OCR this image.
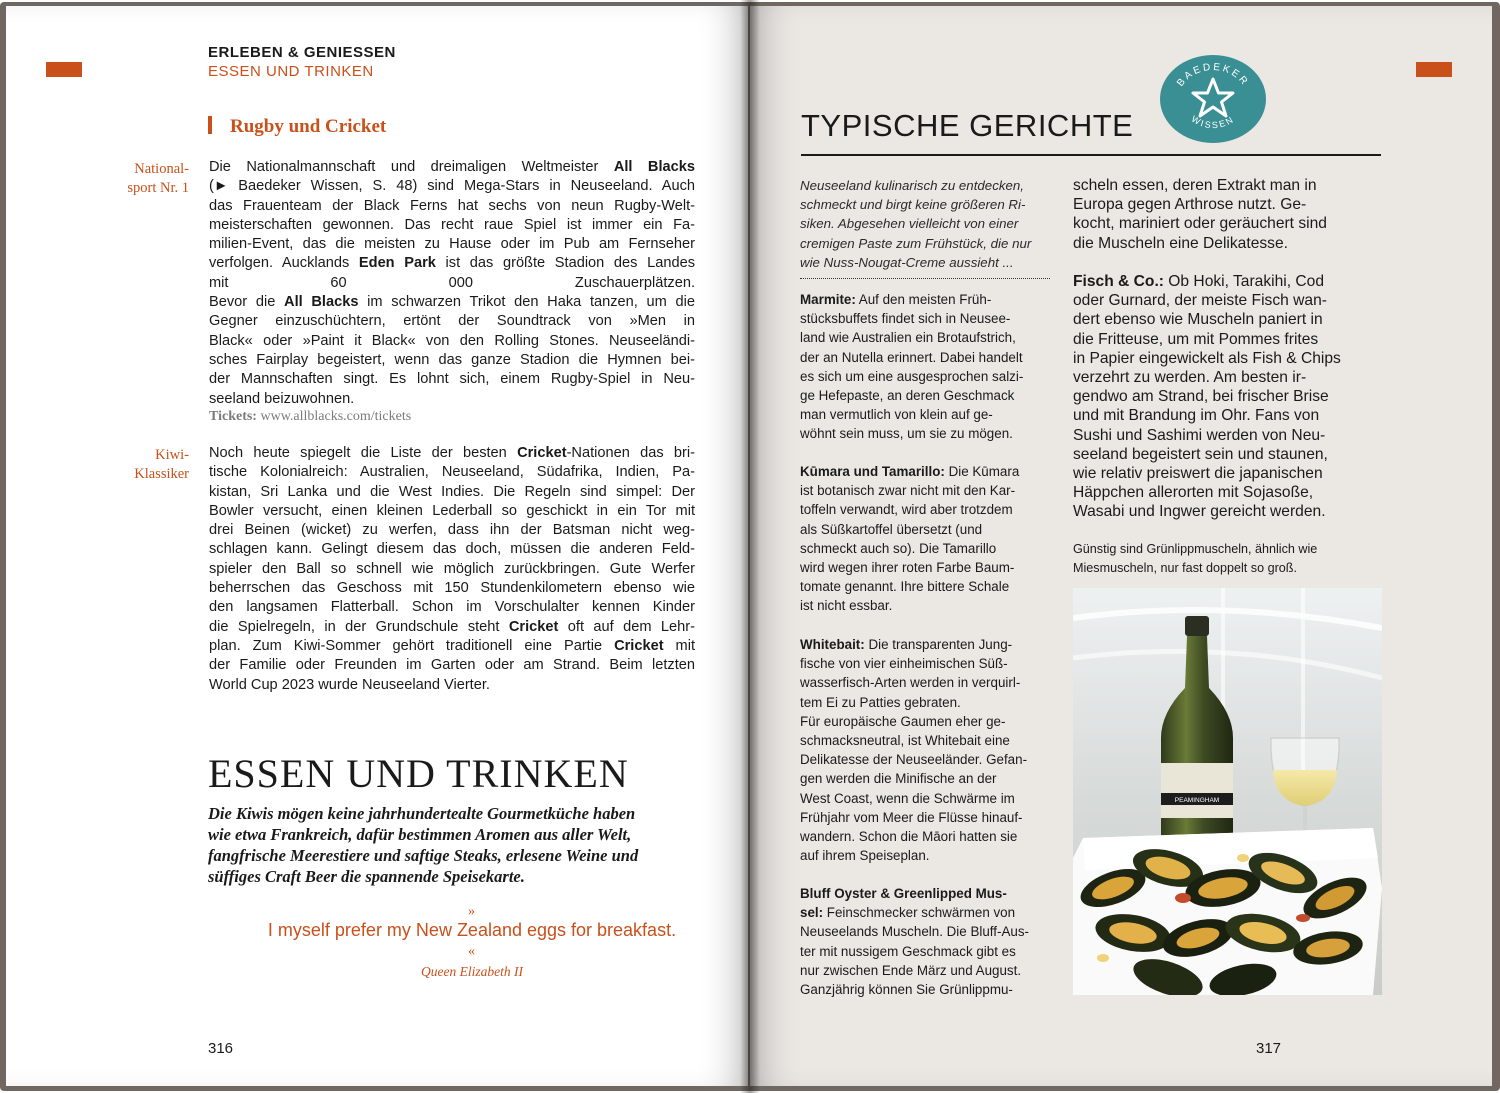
ERLEBEN & GENIESSEN
ESSEN UND TRINKEN
Rugby und Cricket
National-
sport Nr. 1
Kiwi-
Klassiker
Die Nationalmannschaft und dreimaligen Weltmeister All Blacks
(► Baedeker Wissen, S. 48) sind Mega-Stars in Neuseeland. Auch
das Frauenteam der Black Ferns hat sechs von neun Rugby-Welt-
meisterschaften gewonnen. Das recht raue Spiel ist immer ein Fa-
milien-Event, das die meisten zu Hause oder im Pub am Fernseher
verfolgen. Aucklands Eden Park ist das größte Stadion des Landes
mit 60 000 Zuschauerplätzen.
Bevor die All Blacks im schwarzen Trikot den Haka tanzen, um die
Gegner einzuschüchtern, ertönt der Soundtrack von »Men in
Black« oder »Paint it Black« von den Rolling Stones. Neuseeländi-
sches Fairplay begeistert, wenn das ganze Stadion die Hymnen bei-
der Mannschaften singt. Es lohnt sich, einem Rugby-Spiel in Neu-
seeland beizuwohnen.
Tickets: www.allblacks.com/tickets
Noch heute spiegelt die Liste der besten Cricket-Nationen das bri-
tische Kolonialreich: Australien, Neuseeland, Südafrika, Indien, Pa-
kistan, Sri Lanka und die West Indies. Die Regeln sind simpel: Der
Bowler versucht, einen kleinen Lederball so geschickt in ein Tor mit
drei Beinen (wicket) zu werfen, dass ihn der Batsman nicht weg-
schlagen kann. Gelingt diesem das doch, müssen die anderen Feld-
spieler den Ball so schnell wie möglich zurückbringen. Gute Werfer
beherrschen das Geschoss mit 150 Stundenkilometern ebenso wie
den langsamen Flatterball. Schon im Vorschulalter kennen Kinder
die Spielregeln, in der Grundschule steht Cricket oft auf dem Lehr-
plan. Zum Kiwi-Sommer gehört traditionell eine Partie Cricket mit
der Familie oder Freunden im Garten oder am Strand. Beim letzten
World Cup 2023 wurde Neuseeland Vierter.
ESSEN UND TRINKEN
Die Kiwis mögen keine jahrhundertealte Gourmetküche haben
wie etwa Frankreich, dafür bestimmen Aromen aus aller Welt,
fangfrische Meerestiere und saftige Steaks, erlesene Weine und
süffiges Craft Beer die spannende Speisekarte.
»
I myself prefer my New Zealand eggs for breakfast.
«
Queen Elizabeth II
316
BAEDEKER
WISSEN
TYPISCHE GERICHTE
Neuseeland kulinarisch zu entdecken,
schmeckt und birgt keine größeren Ri-
siken. Abgesehen vielleicht von einer
cremigen Paste zum Frühstück, die nur
wie Nuss-Nougat-Creme aussieht ...
Marmite: Auf den meisten Früh-
stücksbuffets findet sich in Neusee-
land wie Australien ein Brotaufstrich,
der an Nutella erinnert. Dabei handelt
es sich um eine ausgesprochen salzi-
ge Hefepaste, an deren Geschmack
man vermutlich von klein auf ge-
wöhnt sein muss, um sie zu mögen.
Kūmara und Tamarillo: Die Kūmara
ist botanisch zwar nicht mit den Kar-
toffeln verwandt, wird aber trotzdem
als Süßkartoffel übersetzt (und
schmeckt auch so). Die Tamarillo
wird wegen ihrer roten Farbe Baum-
tomate genannt. Ihre bittere Schale
ist nicht essbar.
Whitebait: Die transparenten Jung-
fische von vier einheimischen Süß-
wasserfisch-Arten werden in verquirl-
tem Ei zu Patties gebraten.
Für europäische Gaumen eher ge-
schmacksneutral, ist Whitebait eine
Delikatesse der Neuseeländer. Gefan-
gen werden die Minifische an der
West Coast, wenn die Schwärme im
Frühjahr vom Meer die Flüsse hinauf-
wandern. Schon die Māori hatten sie
auf ihrem Speiseplan.
Bluff Oyster & Greenlipped Mus-
sel: Feinschmecker schwärmen von
Neuseelands Muscheln. Die Bluff-Aus-
ter mit nussigem Geschmack gibt es
nur zwischen Ende März und August.
Ganzjährig können Sie Grünlippmu-
scheln essen, deren Extrakt man in
Europa gegen Arthrose nutzt. Ge-
kocht, mariniert oder geräuchert sind
die Muscheln eine Delikatesse.
Fisch & Co.: Ob Hoki, Tarakihi, Cod
oder Gurnard, der meiste Fisch wan-
dert ebenso wie Muscheln paniert in
die Fritteuse, um mit Pommes frites
in Papier eingewickelt als Fish & Chips
verzehrt zu werden. Am besten ir-
gendwo am Strand, bei frischer Brise
und mit Brandung im Ohr. Fans von
Sushi und Sashimi werden von Neu-
seeland begeistert sein und staunen,
wie relativ preiswert die japanischen
Häppchen allerorten mit Sojasoße,
Wasabi und Ingwer gereicht werden.
Günstig sind Grünlippmuscheln, ähnlich wie
Miesmuscheln, nur fast doppelt so groß.
PEAMINGHAM
317
